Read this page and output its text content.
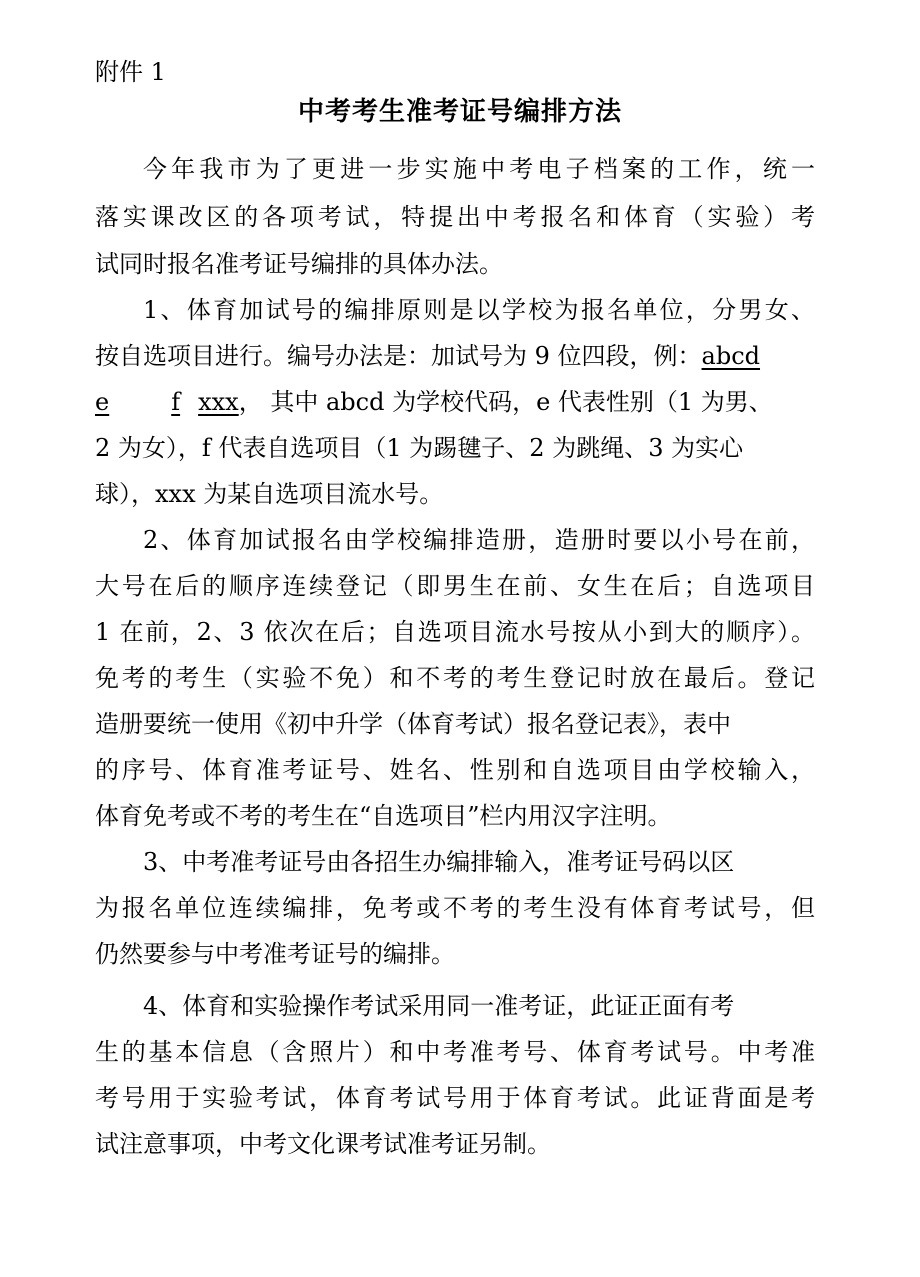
附件 1
中考考生准考证号编排方法
今年我市为了更进一步实施中考电子档案的工作，统一
落实课改区的各项考试，特提出中考报名和体育（实验）考
试同时报名准考证号编排的具体办法。
1、体育加试号的编排原则是以学校为报名单位，分男女、
按自选项目进行。编号办法是：加试号为 9 位四段，例：abcd
e	f xxx， 其中 abcd 为学校代码，e 代表性别（1 为男、
2 为女），f 代表自选项目（1 为踢毽子、2 为跳绳、3 为实心
球），xxx 为某自选项目流水号。
2、体育加试报名由学校编排造册，造册时要以小号在前，
大号在后的顺序连续登记（即男生在前、女生在后；自选项目
1 在前，2、3 依次在后；自选项目流水号按从小到大的顺序）。
免考的考生（实验不免）和不考的考生登记时放在最后。登记
造册要统一使用《初中升学（体育考试）报名登记表》，表中
的序号、体育准考证号、姓名、性别和自选项目由学校输入，
体育免考或不考的考生在“自选项目”栏内用汉字注明。
3、中考准考证号由各招生办编排输入，准考证号码以区
为报名单位连续编排，免考或不考的考生没有体育考试号，但
仍然要参与中考准考证号的编排。
4、体育和实验操作考试采用同一准考证，此证正面有考
生的基本信息（含照片）和中考准考号、体育考试号。中考准
考号用于实验考试，体育考试号用于体育考试。此证背面是考
试注意事项，中考文化课考试准考证另制。
